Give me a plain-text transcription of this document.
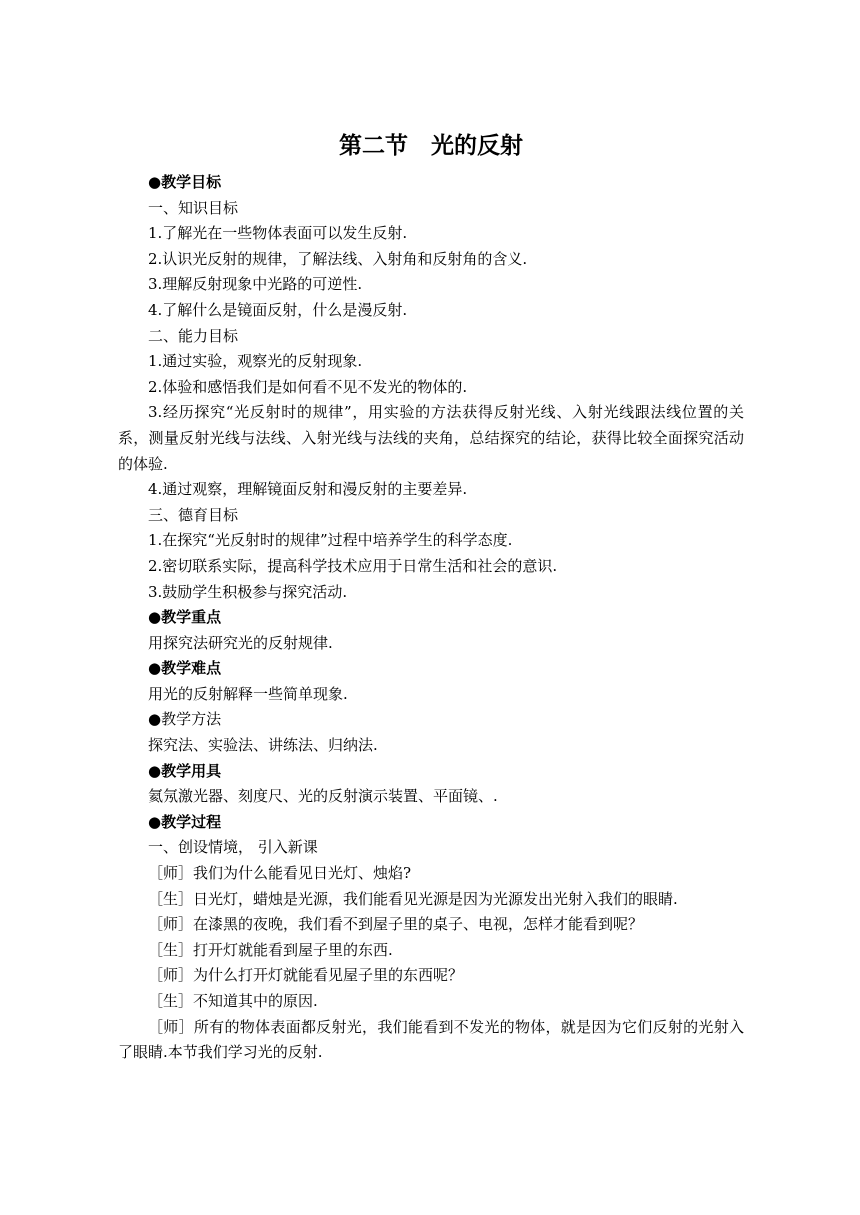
第二节　光的反射

●教学目标

一、知识目标

1.了解光在一些物体表面可以发生反射.

2.认识光反射的规律，了解法线、入射角和反射角的含义.

3.理解反射现象中光路的可逆性.

4.了解什么是镜面反射，什么是漫反射.

二、能力目标

1.通过实验，观察光的反射现象.

2.体验和感悟我们是如何看不见不发光的物体的.

3.经历探究“光反射时的规律”，用实验的方法获得反射光线、入射光线跟法线位置的关系，测量反射光线与法线、入射光线与法线的夹角，总结探究的结论，获得比较全面探究活动的体验.

4.通过观察，理解镜面反射和漫反射的主要差异.

三、德育目标

1.在探究“光反射时的规律”过程中培养学生的科学态度.

2.密切联系实际，提高科学技术应用于日常生活和社会的意识.

3.鼓励学生积极参与探究活动.

●教学重点

用探究法研究光的反射规律.

●教学难点

用光的反射解释一些简单现象.

●教学方法

探究法、实验法、讲练法、归纳法.

●教学用具

氦氖激光器、刻度尺、光的反射演示装置、平面镜、.

●教学过程

一、创设情境， 引入新课

［师］我们为什么能看见日光灯、烛焰?

［生］日光灯，蜡烛是光源，我们能看见光源是因为光源发出光射入我们的眼睛.

［师］在漆黑的夜晚，我们看不到屋子里的桌子、电视，怎样才能看到呢？

［生］打开灯就能看到屋子里的东西.

［师］为什么打开灯就能看见屋子里的东西呢？

［生］不知道其中的原因.

［师］所有的物体表面都反射光，我们能看到不发光的物体，就是因为它们反射的光射入了眼睛.本节我们学习光的反射.
